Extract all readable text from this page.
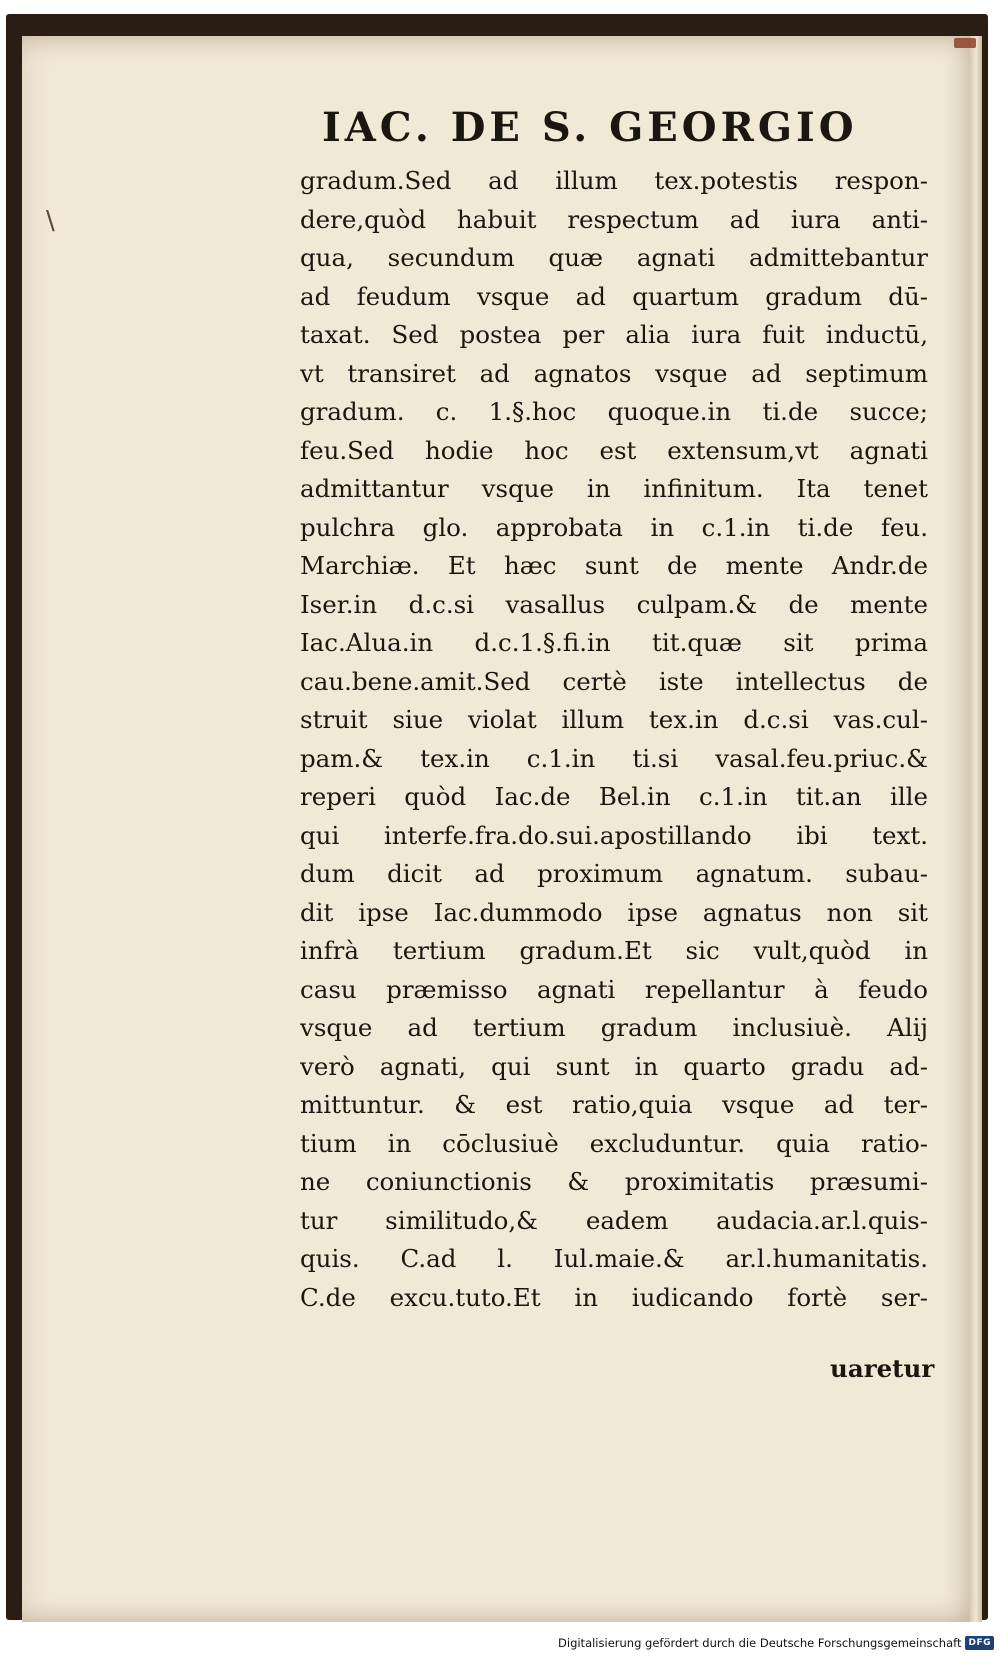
\
IAC. DE S. GEORGIO
gradum.Sed ad illum tex.potestis respon-
dere,quòd habuit respectum ad iura anti-
qua, secundum quæ agnati admittebantur
ad feudum vsque ad quartum gradum dū-
taxat. Sed postea per alia iura fuit inductū,
vt transiret ad agnatos vsque ad septimum
gradum. c. 1.§.hoc quoque.in ti.de succe;
feu.Sed hodie hoc est extensum,vt agnati
admittantur vsque in infinitum. Ita tenet
pulchra glo. approbata in c.1.in ti.de feu.
Marchiæ. Et hæc sunt de mente Andr.de
Iser.in d.c.si vasallus culpam.& de mente
Iac.Alua.in d.c.1.§.fi.in tit.quæ sit prima
cau.bene.amit.Sed certè iste intellectus de
struit siue violat illum tex.in d.c.si vas.cul-
pam.& tex.in c.1.in ti.si vasal.feu.priuc.&
reperi quòd Iac.de Bel.in c.1.in tit.an ille
qui interfe.fra.do.sui.apostillando ibi text.
dum dicit ad proximum agnatum. subau-
dit ipse Iac.dummodo ipse agnatus non sit
infrà tertium gradum.Et sic vult,quòd in
casu præmisso agnati repellantur à feudo
vsque ad tertium gradum inclusiuè. Alij
verò agnati, qui sunt in quarto gradu ad-
mittuntur. & est ratio,quia vsque ad ter-
tium in cōclusiuè excluduntur. quia ratio-
ne coniunctionis & proximitatis præsumi-
tur similitudo,& eadem audacia.ar.l.quis-
quis. C.ad l. Iul.maie.& ar.l.humanitatis.
C.de excu.tuto.Et in iudicando fortè ser-
uaretur
Digitalisierung gefördert durch die Deutsche Forschungsgemeinschaft DFG
